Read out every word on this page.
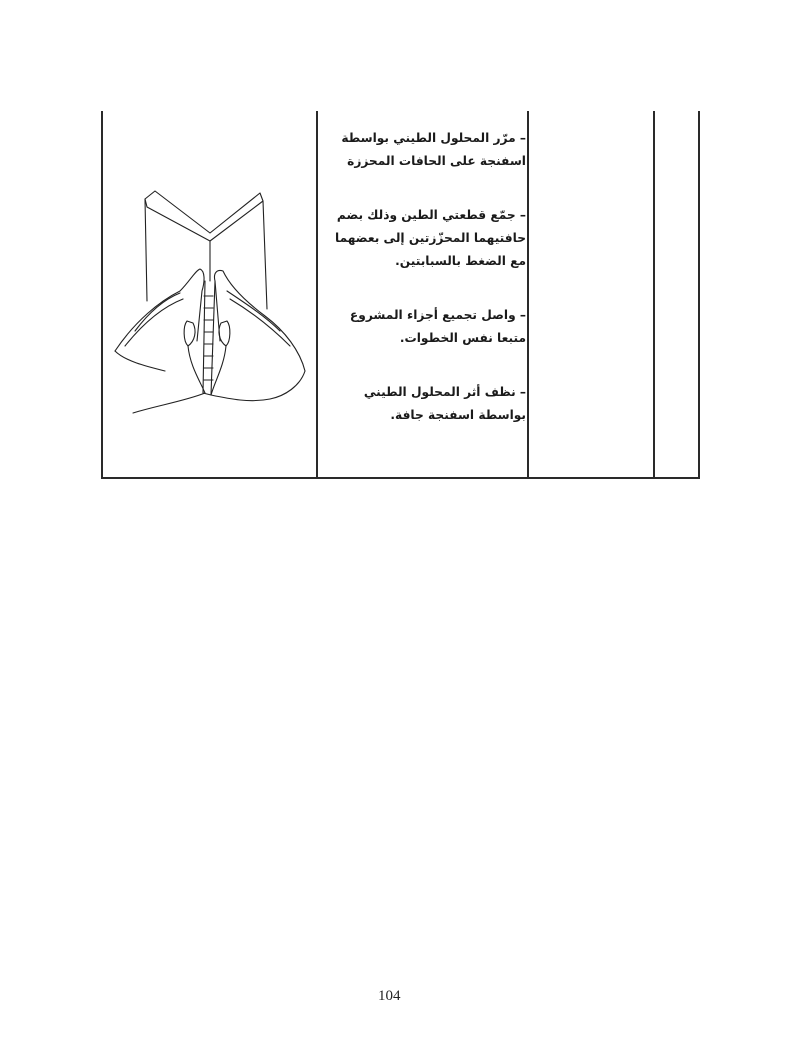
– مرّر المحلول الطيني بواسطة اسفنجة على الحافات المحززة
– جمّع قطعتي الطين وذلك بضم حافتيهما المحزّزتين إلى بعضهما مع الضغط بالسبابتين.
– واصل تجميع أجزاء المشروع متبعا نفس الخطوات.
– نظف أثر المحلول الطيني بواسطة اسفنجة جافة.
104
